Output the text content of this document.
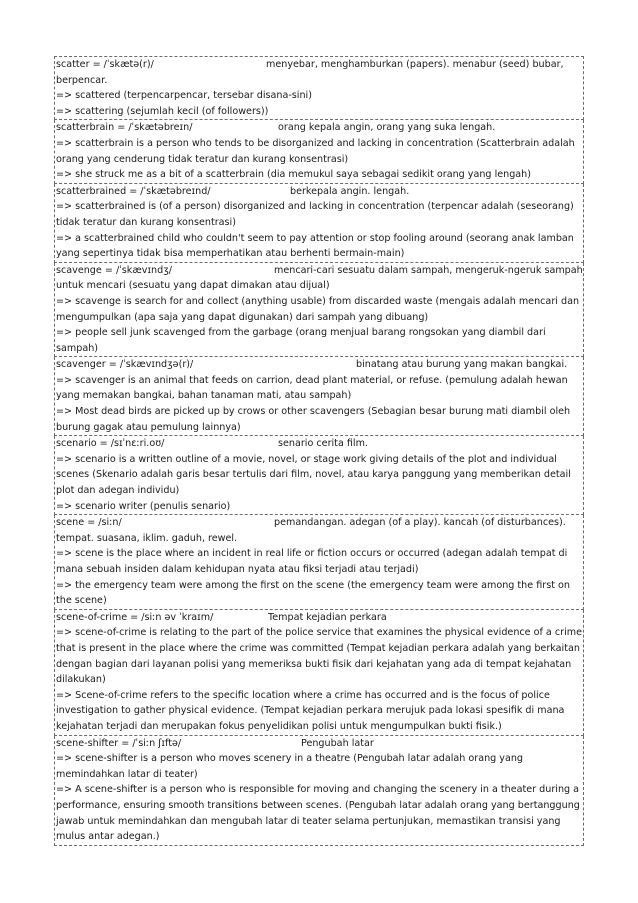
scatter = /ˈskætə(r)/	menyebar, menghamburkan (papers). menabur (seed) bubar, berpencar.

=> scattered (terpencarpencar, tersebar disana-sini)

=> scattering (sejumlah kecil (of followers))

scatterbrain = /ˈskætəbreɪn/	orang kepala angin, orang yang suka lengah.

=> scatterbrain is a person who tends to be disorganized and lacking in concentration (Scatterbrain adalah orang yang cenderung tidak teratur dan kurang konsentrasi)

=> she struck me as a bit of a scatterbrain (dia memukul saya sebagai sedikit orang yang lengah)

scatterbrained = /ˈskætəbreɪnd/	berkepala angin. lengah.

=> scatterbrained is (of a person) disorganized and lacking in concentration (terpencar adalah (seseorang) tidak teratur dan kurang konsentrasi)

=> a scatterbrained child who couldn't seem to pay attention or stop fooling around (seorang anak lamban yang sepertinya tidak bisa memperhatikan atau berhenti bermain-main)

scavenge = /ˈskævɪndʒ/	mencari-cari sesuatu dalam sampah, mengeruk-ngeruk sampah untuk mencari (sesuatu yang dapat dimakan atau dijual)

=> scavenge is search for and collect (anything usable) from discarded waste (mengais adalah mencari dan mengumpulkan (apa saja yang dapat digunakan) dari sampah yang dibuang)

=> people sell junk scavenged from the garbage (orang menjual barang rongsokan yang diambil dari sampah)

scavenger = /ˈskævɪndʒə(r)/	binatang atau burung yang makan bangkai.

=> scavenger is an animal that feeds on carrion, dead plant material, or refuse. (pemulung adalah hewan yang memakan bangkai, bahan tanaman mati, atau sampah)

=> Most dead birds are picked up by crows or other scavengers (Sebagian besar burung mati diambil oleh burung gagak atau pemulung lainnya)

scenario = /sɪˈnɛːri.oʊ/	senario cerita film.

=> scenario is a written outline of a movie, novel, or stage work giving details of the plot and individual scenes (Skenario adalah garis besar tertulis dari film, novel, atau karya panggung yang memberikan detail plot dan adegan individu)

=> scenario writer (penulis senario)

scene = /siːn/	pemandangan. adegan (of a play). kancah (of disturbances). tempat. suasana, iklim. gaduh, rewel.

=> scene is the place where an incident in real life or fiction occurs or occurred (adegan adalah tempat di mana sebuah insiden dalam kehidupan nyata atau fiksi terjadi atau terjadi)

=> the emergency team were among the first on the scene (the emergency team were among the first on the scene)

scene-of-crime = /siːn əv ˈkraɪm/	Tempat kejadian perkara

=> scene-of-crime is relating to the part of the police service that examines the physical evidence of a crime that is present in the place where the crime was committed (Tempat kejadian perkara adalah yang berkaitan dengan bagian dari layanan polisi yang memeriksa bukti fisik dari kejahatan yang ada di tempat kejahatan dilakukan)

=> Scene-of-crime refers to the specific location where a crime has occurred and is the focus of police investigation to gather physical evidence. (Tempat kejadian perkara merujuk pada lokasi spesifik di mana kejahatan terjadi dan merupakan fokus penyelidikan polisi untuk mengumpulkan bukti fisik.)

scene-shifter = /ˈsiːn ʃɪftə/	Pengubah latar

=> scene-shifter is a person who moves scenery in a theatre (Pengubah latar adalah orang yang memindahkan latar di teater)

=> A scene-shifter is a person who is responsible for moving and changing the scenery in a theater during a performance, ensuring smooth transitions between scenes. (Pengubah latar adalah orang yang bertanggung jawab untuk memindahkan dan mengubah latar di teater selama pertunjukan, memastikan transisi yang mulus antar adegan.)
